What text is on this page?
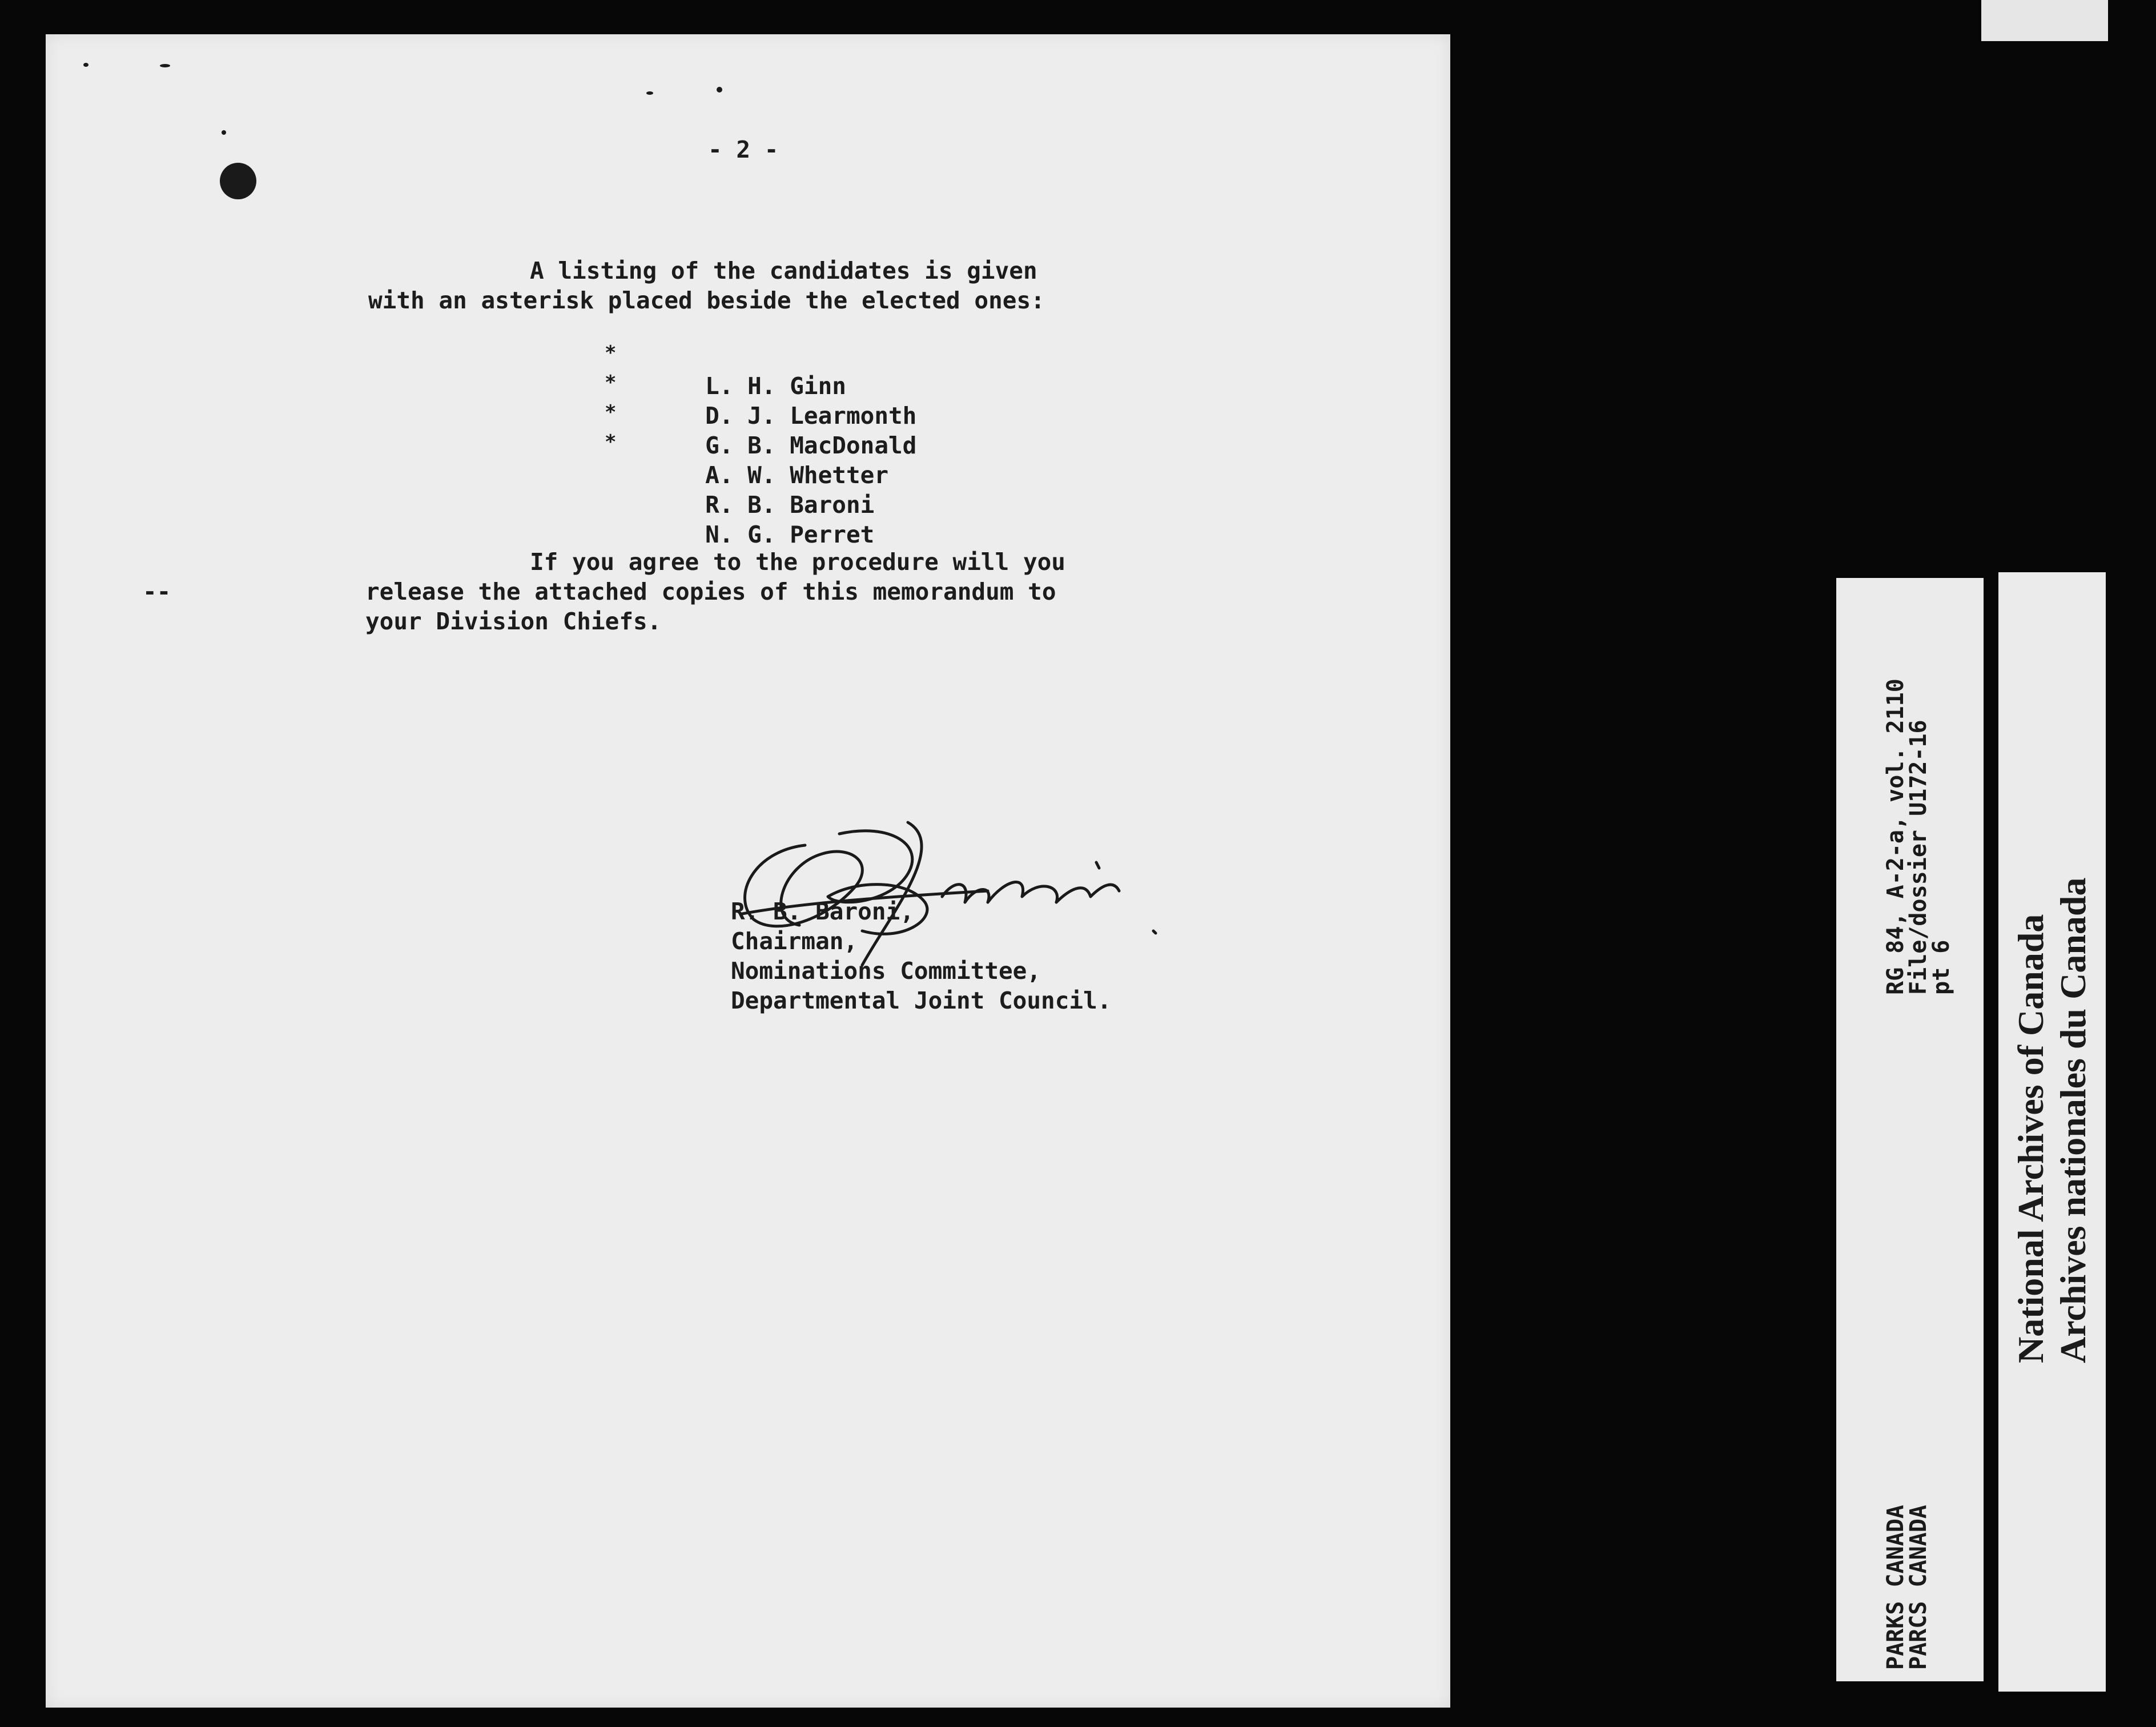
- 2 -
A listing of the candidates is given
with an asterisk placed beside the elected ones:

*
L. H. Ginn

*
D. J. Learmonth

*
G. B. MacDonald

*
A. W. Whetter

R. B. Baroni

N. G. Perret

If you agree to the procedure will you
--	release the attached copies of this memorandum to
your Division Chiefs.
R. B. Baroni,
Chairman,
Nominations Committee,
Departmental Joint Council.
RG 84, A-2-a, vol. 2110
File/dossier U172-16
pt 6
PARKS CANADA
PARCS CANADA
National Archives of Canada Archives nationales du Canada
